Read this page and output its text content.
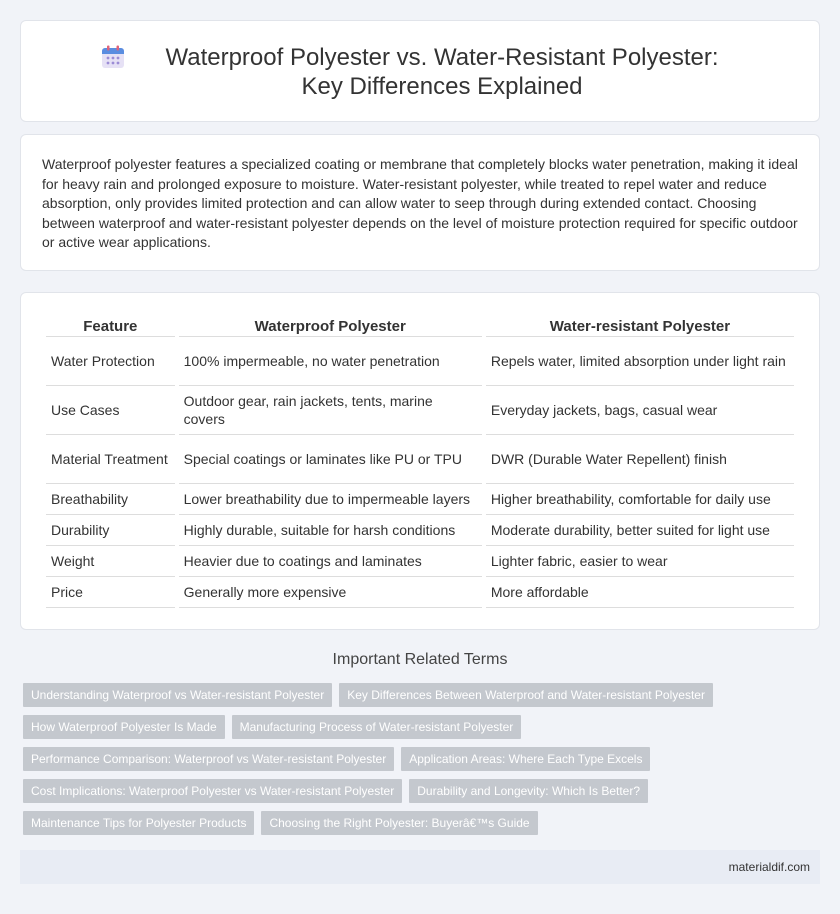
Waterproof Polyester vs. Water-Resistant Polyester: Key Differences Explained

Waterproof polyester features a specialized coating or membrane that completely blocks water penetration, making it ideal for heavy rain and prolonged exposure to moisture. Water-resistant polyester, while treated to repel water and reduce absorption, only provides limited protection and can allow water to seep through during extended contact. Choosing between waterproof and water-resistant polyester depends on the level of moisture protection required for specific outdoor or active wear applications.

Feature	Waterproof Polyester	Water-resistant Polyester
Water Protection	100% impermeable, no water penetration	Repels water, limited absorption under light rain
Use Cases	Outdoor gear, rain jackets, tents, marine covers	Everyday jackets, bags, casual wear
Material Treatment	Special coatings or laminates like PU or TPU	DWR (Durable Water Repellent) finish
Breathability	Lower breathability due to impermeable layers	Higher breathability, comfortable for daily use
Durability	Highly durable, suitable for harsh conditions	Moderate durability, better suited for light use
Weight	Heavier due to coatings and laminates	Lighter fabric, easier to wear
Price	Generally more expensive	More affordable
Important Related Terms
Understanding Waterproof vs Water-resistant Polyester	Key Differences Between Waterproof and Water-resistant Polyester
How Waterproof Polyester Is Made	Manufacturing Process of Water-resistant Polyester
Performance Comparison: Waterproof vs Water-resistant Polyester	Application Areas: Where Each Type Excels
Cost Implications: Waterproof Polyester vs Water-resistant Polyester	Durability and Longevity: Which Is Better?
Maintenance Tips for Polyester Products	Choosing the Right Polyester: Buyerâ€™s Guide
materialdif.com
